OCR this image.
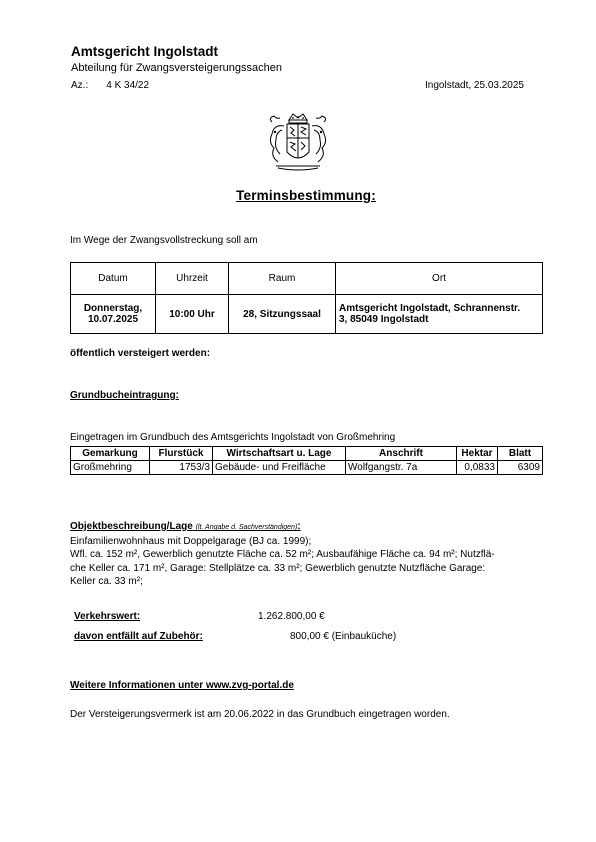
Amtsgericht Ingolstadt
Abteilung für Zwangsversteigerungssachen
Az.: 4 K 34/22	Ingolstadt, 25.03.2025
Terminsbestimmung:
Im Wege der Zwangsvollstreckung soll am
Datum	Uhrzeit	Raum	Ort
Donnerstag,
10.07.2025	10:00 Uhr	28, Sitzungssaal	Amtsgericht Ingolstadt, Schrannenstr.
3, 85049 Ingolstadt
öffentlich versteigert werden:
Grundbucheintragung:
Eingetragen im Grundbuch des Amtsgerichts Ingolstadt von Großmehring
Gemarkung	Flurstück	Wirtschaftsart u. Lage	Anschrift	Hektar	Blatt
Großmehring	1753/3	Gebäude- und Freifläche	Wolfgangstr. 7a	0,0833	6309
Objektbeschreibung/Lage (lt. Angabe d. Sachverständigen):
Einfamilienwohnhaus mit Doppelgarage (BJ ca. 1999);
Wfl. ca. 152 m², Gewerblich genutzte Fläche ca. 52 m²; Ausbaufähige Fläche ca. 94 m²; Nutzflä-
che Keller ca. 171 m², Garage: Stellplätze ca. 33 m²; Gewerblich genutzte Nutzfläche Garage:
Keller ca. 33 m²;
Verkehrswert:	1.262.800,00 €
davon entfällt auf Zubehör:	800,00 € (Einbauküche)
Weitere Informationen unter www.zvg-portal.de
Der Versteigerungsvermerk ist am 20.06.2022 in das Grundbuch eingetragen worden.
